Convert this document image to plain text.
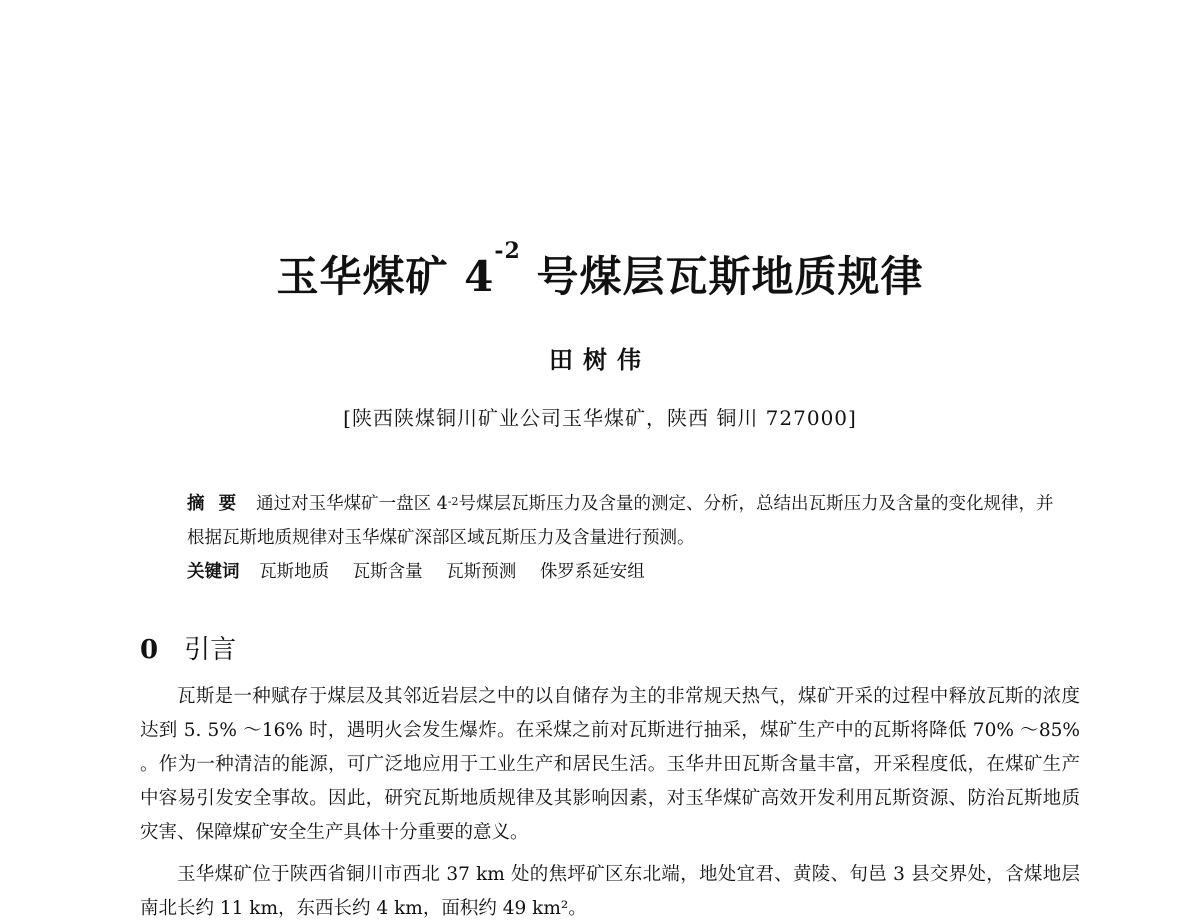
玉华煤矿 $4^{-2}$ 号煤层瓦斯地质规律
田树伟
[陕西陕煤铜川矿业公司玉华煤矿，陕西 铜川 727000]
摘 要 通过对玉华煤矿一盘区 $4^{-2}$号煤层瓦斯压力及含量的测定、分析，总结出瓦斯压力及含量的变化规律，并根据瓦斯地质规律对玉华煤矿深部区域瓦斯压力及含量进行预测。
关键词 瓦斯地质 瓦斯含量 瓦斯预测 侏罗系延安组
0 引言

瓦斯是一种赋存于煤层及其邻近岩层之中的以自储存为主的非常规天热气，煤矿开采的过程中释放瓦斯的浓度达到 5. 5% ～16% 时，遇明火会发生爆炸。在采煤之前对瓦斯进行抽采，煤矿生产中的瓦斯将降低 70% ～85% 。作为一种清洁的能源，可广泛地应用于工业生产和居民生活。玉华井田瓦斯含量丰富，开采程度低，在煤矿生产中容易引发安全事故。因此，研究瓦斯地质规律及其影响因素，对玉华煤矿高效开发利用瓦斯资源、防治瓦斯地质灾害、保障煤矿安全生产具体十分重要的意义。

玉华煤矿位于陕西省铜川市西北 37 km 处的焦坪矿区东北端，地处宜君、黄陵、旬邑 3 县交界处，含煤地层南北长约 11 km，东西长约 4 km，面积约 49 km²。
